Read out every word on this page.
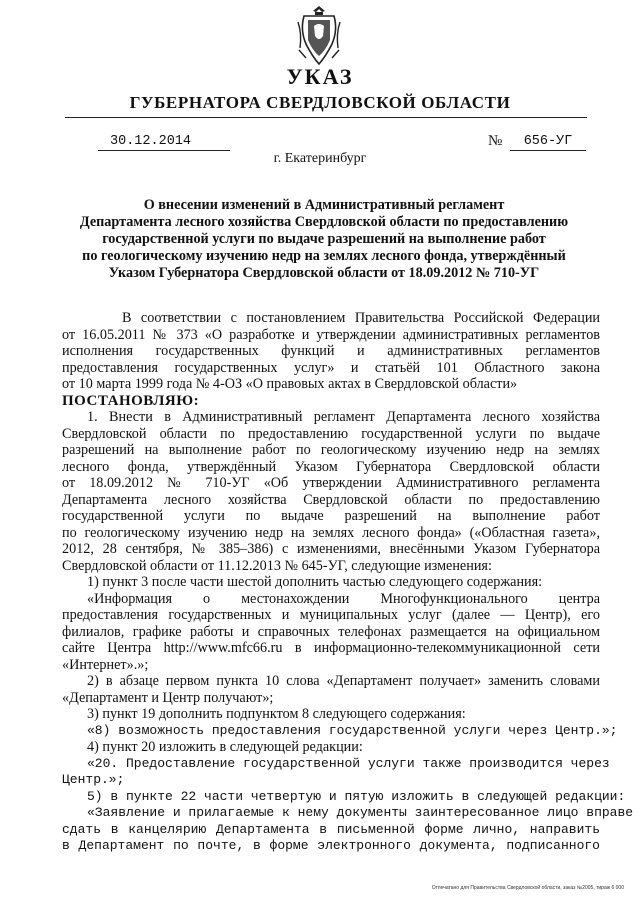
УКАЗ
ГУБЕРНАТОРА СВЕРДЛОВСКОЙ ОБЛАСТИ
30.12.2014	№	656-УГ
г. Екатеринбург
О внесении изменений в Административный регламент
Департамента лесного хозяйства Свердловской области по предоставлению
государственной услуги по выдаче разрешений на выполнение работ
по геологическому изучению недр на землях лесного фонда, утверждённый
Указом Губернатора Свердловской области от 18.09.2012 № 710-УГ
В соответствии с постановлением Правительства Российской Федерации
от 16.05.2011 № 373 «О разработке и утверждении административных регламентов
исполнения государственных функций и административных регламентов
предоставления государственных услуг» и статьёй 101 Областного закона
от 10 марта 1999 года № 4-ОЗ «О правовых актах в Свердловской области»
ПОСТАНОВЛЯЮ:
1. Внести в Административный регламент Департамента лесного хозяйства
Свердловской области по предоставлению государственной услуги по выдаче
разрешений на выполнение работ по геологическому изучению недр на землях
лесного фонда, утверждённый Указом Губернатора Свердловской области
от 18.09.2012 № 710-УГ «Об утверждении Административного регламента
Департамента лесного хозяйства Свердловской области по предоставлению
государственной услуги по выдаче разрешений на выполнение работ
по геологическому изучению недр на землях лесного фонда» («Областная газета»,
2012, 28 сентября, № 385–386) с изменениями, внесёнными Указом Губернатора
Свердловской области от 11.12.2013 № 645-УГ, следующие изменения:
1) пункт 3 после части шестой дополнить частью следующего содержания:
«Информация о местонахождении Многофункционального центра
предоставления государственных и муниципальных услуг (далее — Центр), его
филиалов, графике работы и справочных телефонах размещается на официальном
сайте Центра http://www.mfc66.ru в информационно-телекоммуникационной сети
«Интернет».»;
2) в абзаце первом пункта 10 слова «Департамент получает» заменить словами
«Департамент и Центр получают»;
3) пункт 19 дополнить подпунктом 8 следующего содержания:
«8) возможность предоставления государственной услуги через Центр.»;
4) пункт 20 изложить в следующей редакции:
«20. Предоставление государственной услуги также производится через
Центр.»;
5) в пункте 22 части четвертую и пятую изложить в следующей редакции:
«Заявление и прилагаемые к нему документы заинтересованное лицо вправе
сдать в канцелярию Департамента в письменной форме лично, направить
в Департамент по почте, в форме электронного документа, подписанного
Отпечатано для Правительства Свердловской области, заказ №2005, тираж 6 000
